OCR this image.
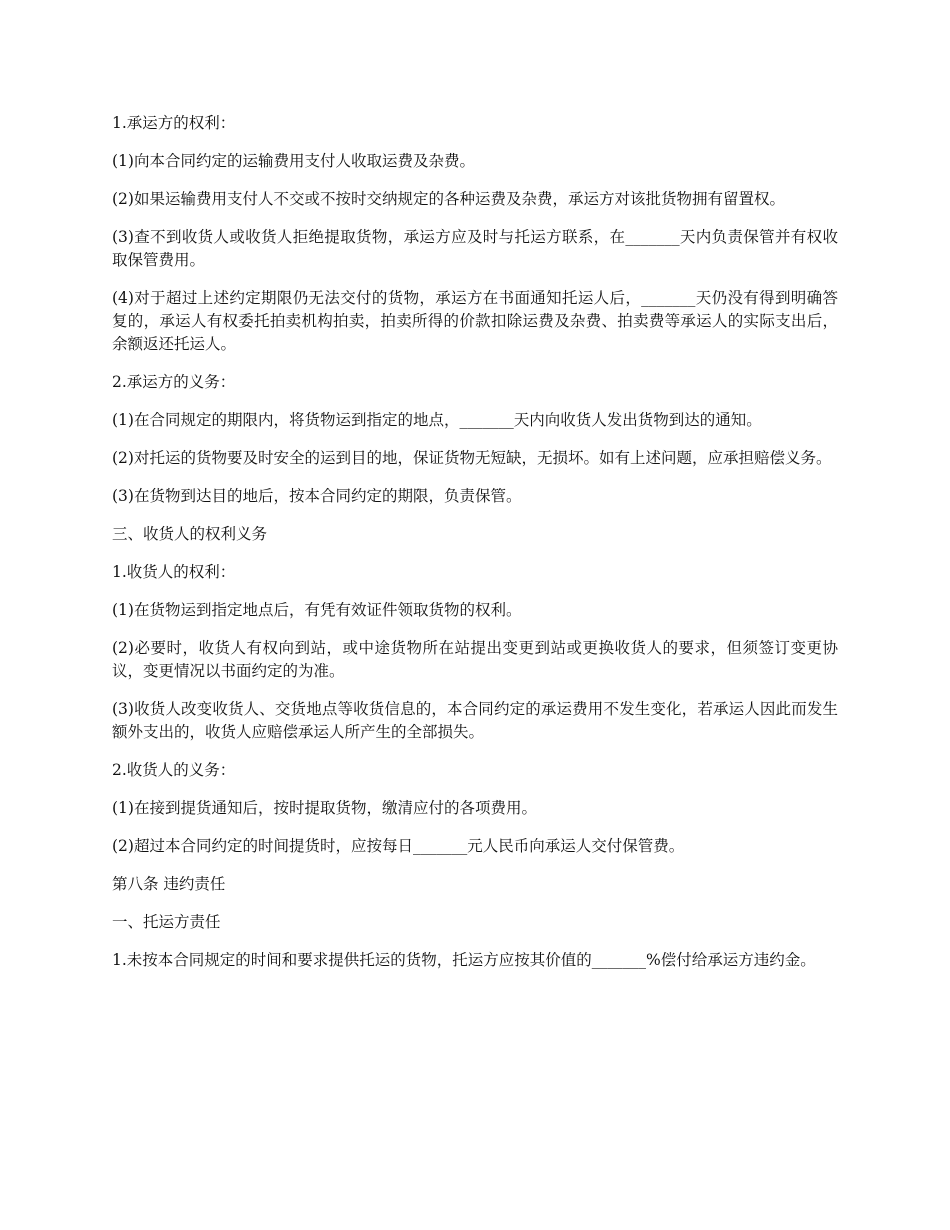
1.承运方的权利：

(1)向本合同约定的运输费用支付人收取运费及杂费。

(2)如果运输费用支付人不交或不按时交纳规定的各种运费及杂费，承运方对该批货物拥有留置权。

(3)查不到收货人或收货人拒绝提取货物，承运方应及时与托运方联系，在_______天内负责保管并有权收取保管费用。

(4)对于超过上述约定期限仍无法交付的货物，承运方在书面通知托运人后，_______天仍没有得到明确答复的，承运人有权委托拍卖机构拍卖，拍卖所得的价款扣除运费及杂费、拍卖费等承运人的实际支出后，余额返还托运人。

2.承运方的义务：

(1)在合同规定的期限内，将货物运到指定的地点，_______天内向收货人发出货物到达的通知。

(2)对托运的货物要及时安全的运到目的地，保证货物无短缺，无损坏。如有上述问题，应承担赔偿义务。

(3)在货物到达目的地后，按本合同约定的期限，负责保管。

三、收货人的权利义务

1.收货人的权利：

(1)在货物运到指定地点后，有凭有效证件领取货物的权利。

(2)必要时，收货人有权向到站，或中途货物所在站提出变更到站或更换收货人的要求，但须签订变更协议，变更情况以书面约定的为准。

(3)收货人改变收货人、交货地点等收货信息的，本合同约定的承运费用不发生变化，若承运人因此而发生额外支出的，收货人应赔偿承运人所产生的全部损失。

2.收货人的义务：

(1)在接到提货通知后，按时提取货物，缴清应付的各项费用。

(2)超过本合同约定的时间提货时，应按每日_______元人民币向承运人交付保管费。

第八条 违约责任

一、托运方责任

1.未按本合同规定的时间和要求提供托运的货物，托运方应按其价值的_______%偿付给承运方违约金。
